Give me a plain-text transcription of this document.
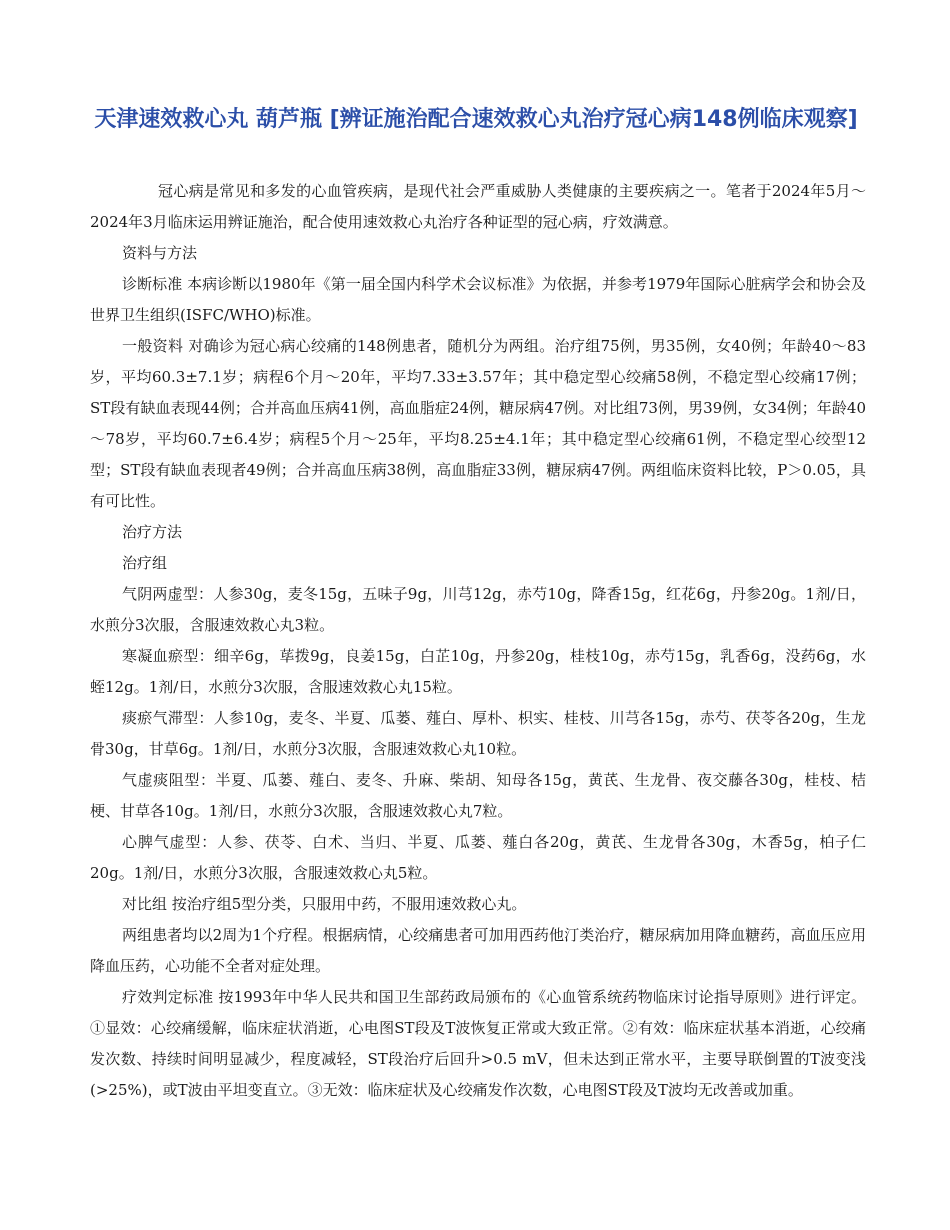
天津速效救心丸 葫芦瓶 [辨证施治配合速效救心丸治疗冠心病148例临床观察]

冠心病是常见和多发的心血管疾病，是现代社会严重威胁人类健康的主要疾病之一。笔者于2024年5月～2024年3月临床运用辨证施治，配合使用速效救心丸治疗各种证型的冠心病，疗效满意。

资料与方法

诊断标准 本病诊断以1980年《第一届全国内科学术会议标准》为依据，并参考1979年国际心脏病学会和协会及世界卫生组织(ISFC/WHO)标准。

一般资料 对确诊为冠心病心绞痛的148例患者，随机分为两组。治疗组75例，男35例，女40例；年龄40～83岁，平均60.3±7.1岁；病程6个月～20年，平均7.33±3.57年；其中稳定型心绞痛58例，不稳定型心绞痛17例；ST段有缺血表现44例；合并高血压病41例，高血脂症24例，糖尿病47例。对比组73例，男39例，女34例；年龄40～78岁，平均60.7±6.4岁；病程5个月～25年，平均8.25±4.1年；其中稳定型心绞痛61例，不稳定型心绞型12型；ST段有缺血表现者49例；合并高血压病38例，高血脂症33例，糖尿病47例。两组临床资料比较，P＞0.05，具有可比性。

治疗方法

治疗组

气阴两虚型：人参30g，麦冬15g，五味子9g，川芎12g，赤芍10g，降香15g，红花6g，丹参20g。1剂/日，水煎分3次服，含服速效救心丸3粒。

寒凝血瘀型：细辛6g，荜拨9g，良姜15g，白芷10g，丹参20g，桂枝10g，赤芍15g，乳香6g，没药6g，水蛭12g。1剂/日，水煎分3次服，含服速效救心丸15粒。

痰瘀气滞型：人参10g，麦冬、半夏、瓜蒌、薤白、厚朴、枳实、桂枝、川芎各15g，赤芍、茯苓各20g，生龙骨30g，甘草6g。1剂/日，水煎分3次服，含服速效救心丸10粒。

气虚痰阻型：半夏、瓜蒌、薤白、麦冬、升麻、柴胡、知母各15g，黄芪、生龙骨、夜交藤各30g，桂枝、桔梗、甘草各10g。1剂/日，水煎分3次服，含服速效救心丸7粒。

心脾气虚型：人参、茯苓、白术、当归、半夏、瓜蒌、薤白各20g，黄芪、生龙骨各30g，木香5g，柏子仁20g。1剂/日，水煎分3次服，含服速效救心丸5粒。

对比组 按治疗组5型分类，只服用中药，不服用速效救心丸。

两组患者均以2周为1个疗程。根据病情，心绞痛患者可加用西药他汀类治疗，糖尿病加用降血糖药，高血压应用降血压药，心功能不全者对症处理。

疗效判定标准 按1993年中华人民共和国卫生部药政局颁布的《心血管系统药物临床讨论指导原则》进行评定。①显效：心绞痛缓解，临床症状消逝，心电图ST段及T波恢复正常或大致正常。②有效：临床症状基本消逝，心绞痛发次数、持续时间明显减少，程度减轻，ST段治疗后回升>0.5 mV，但未达到正常水平，主要导联倒置的T波变浅(>25%)，或T波由平坦变直立。③无效：临床症状及心绞痛发作次数，心电图ST段及T波均无改善或加重。
